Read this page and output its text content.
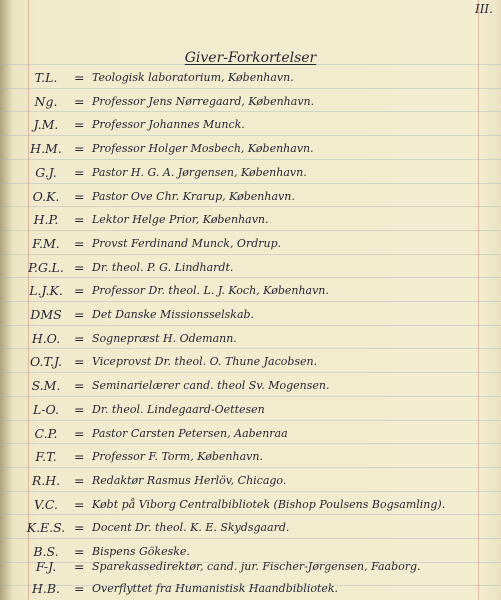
III.
Giver-Forkortelser
T.L.	= Teologisk laboratorium, København.
Ng.	= Professor Jens Nørregaard, København.
J.M.	= Professor Johannes Munck.
H.M. = Professor Holger Mosbech, København.
G.J.	= Pastor H. G. A. Jørgensen, København.
O.K.	= Pastor Ove Chr. Krarup, København.
H.P.	= Lektor Helge Prior, København.
F.M.	= Provst Ferdinand Munck, Ordrup.
P.G.L. = Dr. theol. P. G. Lindhardt.
L.J.K. = Professor Dr. theol. L. J. Koch, København.
DMS = Det Danske Missionsselskab.
H.O.	= Sognepræst H. Odemann.
O.T.J. = Viceprovst Dr. theol. O. Thune Jacobsen.
S.M.	= Seminarielærer cand. theol Sv. Mogensen.
L-O.	= Dr. theol. Lindegaard-Oettesen
C.P.	= Pastor Carsten Petersen, Aabenraa
F.T.	= Professor F. Torm, København.
R.H.	= Redaktør Rasmus Herlöv, Chicago.
V.C.	= Købt på Viborg Centralbibliotek (Bishop Poulsens Bogsamling).
K.E.S. = Docent Dr. theol. K. E. Skydsgaard.
B.S.	= Bispens Gökeske.
F-J.	= Sparekassedirektør, cand. jur. Fischer-Jørgensen, Faaborg.
H.B.	= Overflyttet fra Humanistisk Haandbibliotek.
